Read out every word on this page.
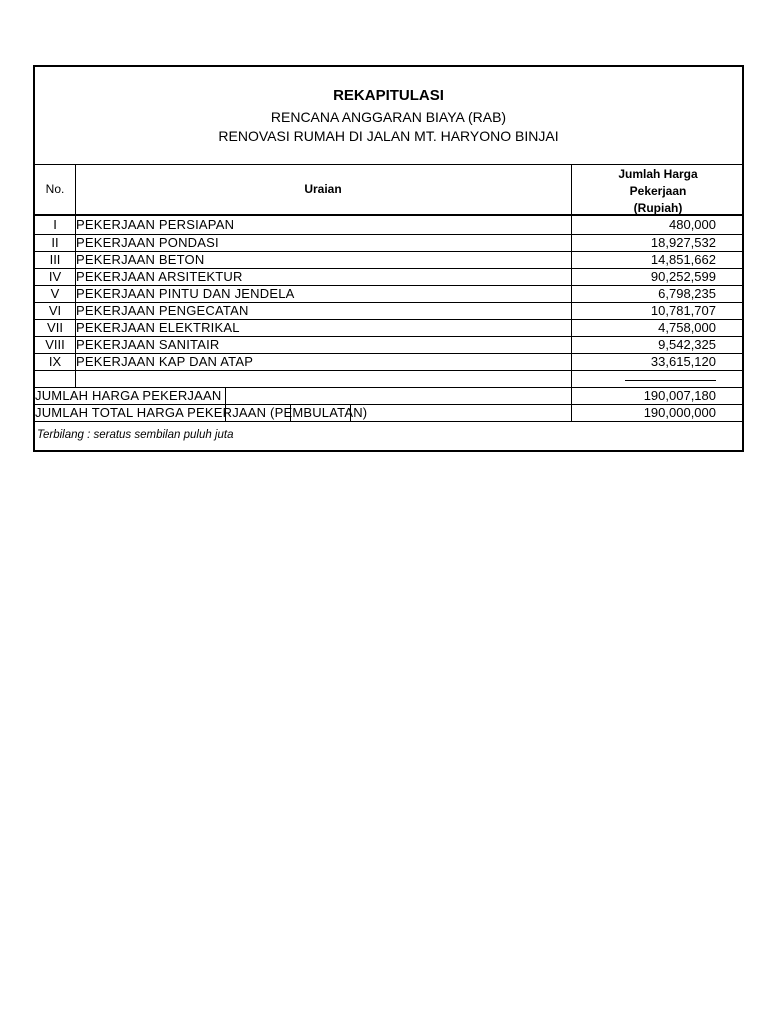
REKAPITULASI
RENCANA ANGGARAN BIAYA (RAB)
RENOVASI RUMAH DI JALAN MT. HARYONO BINJAI
No.	Uraian
Jumlah Harga
Pekerjaan
(Rupiah)
I	PEKERJAAN PERSIAPAN	480,000
II	PEKERJAAN PONDASI	18,927,532
III	PEKERJAAN BETON	14,851,662
IV	PEKERJAAN ARSITEKTUR	90,252,599
V	PEKERJAAN PINTU DAN JENDELA	6,798,235
VI	PEKERJAAN PENGECATAN	10,781,707
VII	PEKERJAAN ELEKTRIKAL	4,758,000
VIII PEKERJAAN SANITAIR	9,542,325
IX	PEKERJAAN KAP DAN ATAP	33,615,120
JUMLAH HARGA PEKERJAAN	190,007,180
JUMLAH TOTAL HARGA PEKERJAAN (PEMBULATAN)	190,000,000
Terbilang : seratus sembilan puluh juta
